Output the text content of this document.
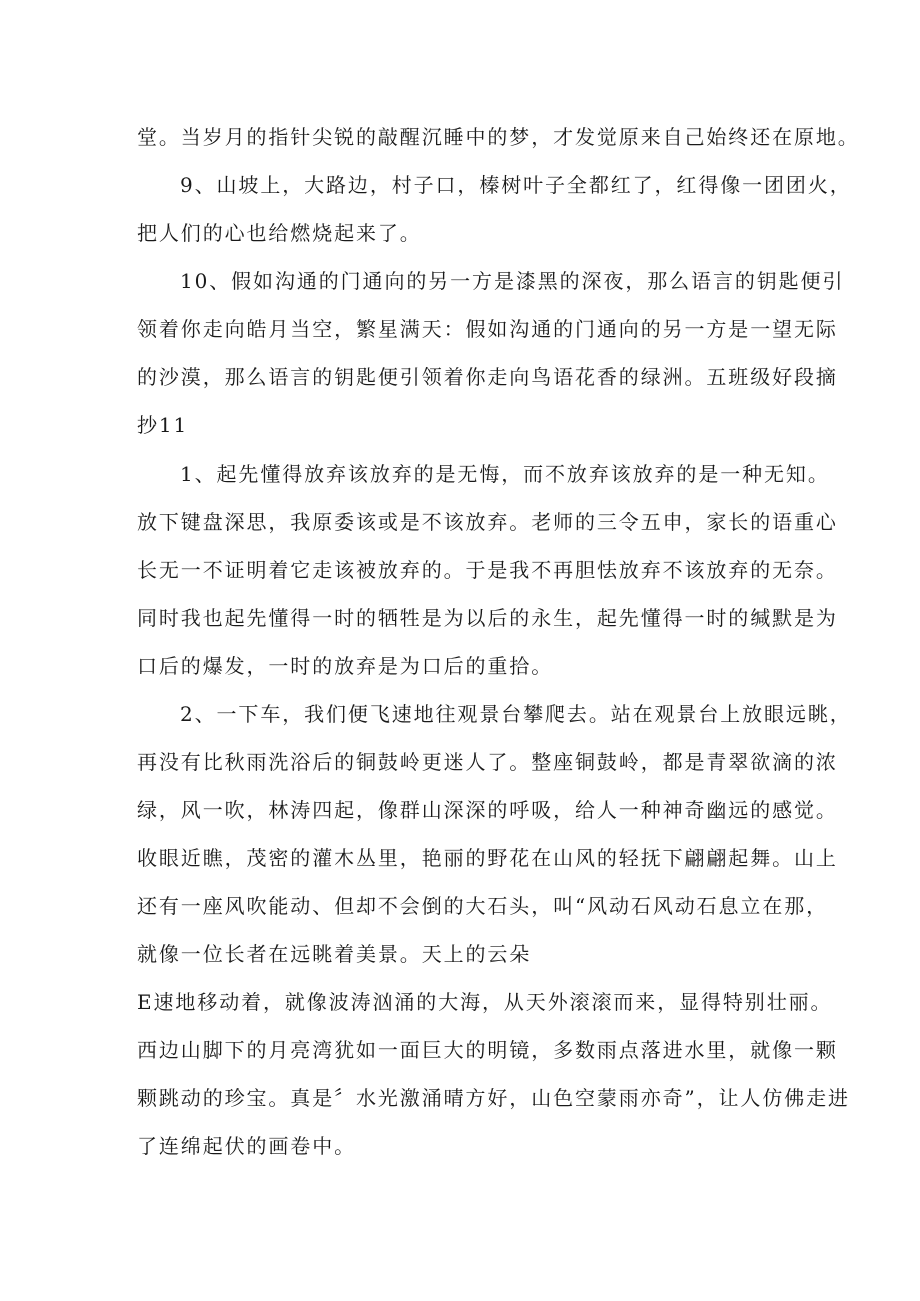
堂。当岁月的指针尖锐的敲醒沉睡中的梦，才发觉原来自己始终还在原地。
9、山坡上，大路边，村子口，榛树叶子全都红了，红得像一团团火，
把人们的心也给燃烧起来了。
10、假如沟通的门通向的另一方是漆黑的深夜，那么语言的钥匙便引
领着你走向皓月当空，繁星满天：假如沟通的门通向的另一方是一望无际
的沙漠，那么语言的钥匙便引领着你走向鸟语花香的绿洲。五班级好段摘
抄11
1、起先懂得放弃该放弃的是无悔，而不放弃该放弃的是一种无知。
放下键盘深思，我原委该或是不该放弃。老师的三令五申，家长的语重心
长无一不证明着它走该被放弃的。于是我不再胆怯放弃不该放弃的无奈。
同时我也起先懂得一时的牺牲是为以后的永生，起先懂得一时的缄默是为
口后的爆发，一时的放弃是为口后的重拾。
2、一下车，我们便飞速地往观景台攀爬去。站在观景台上放眼远眺，
再没有比秋雨洗浴后的铜鼓岭更迷人了。整座铜鼓岭，都是青翠欲滴的浓
绿，风一吹，林涛四起，像群山深深的呼吸，给人一种神奇幽远的感觉。
收眼近瞧，茂密的灌木丛里，艳丽的野花在山风的轻抚下翩翩起舞。山上
还有一座风吹能动、但却不会倒的大石头，叫“风动石风动石息立在那，
就像一位长者在远眺着美景。天上的云朵
E速地移动着，就像波涛汹涌的大海，从天外滚滚而来，显得特别壮丽。
西边山脚下的月亮湾犹如一面巨大的明镜，多数雨点落进水里，就像一颗
颗跳动的珍宝。真是〞水光激涌晴方好，山色空蒙雨亦奇”，让人仿佛走进
了连绵起伏的画卷中。
